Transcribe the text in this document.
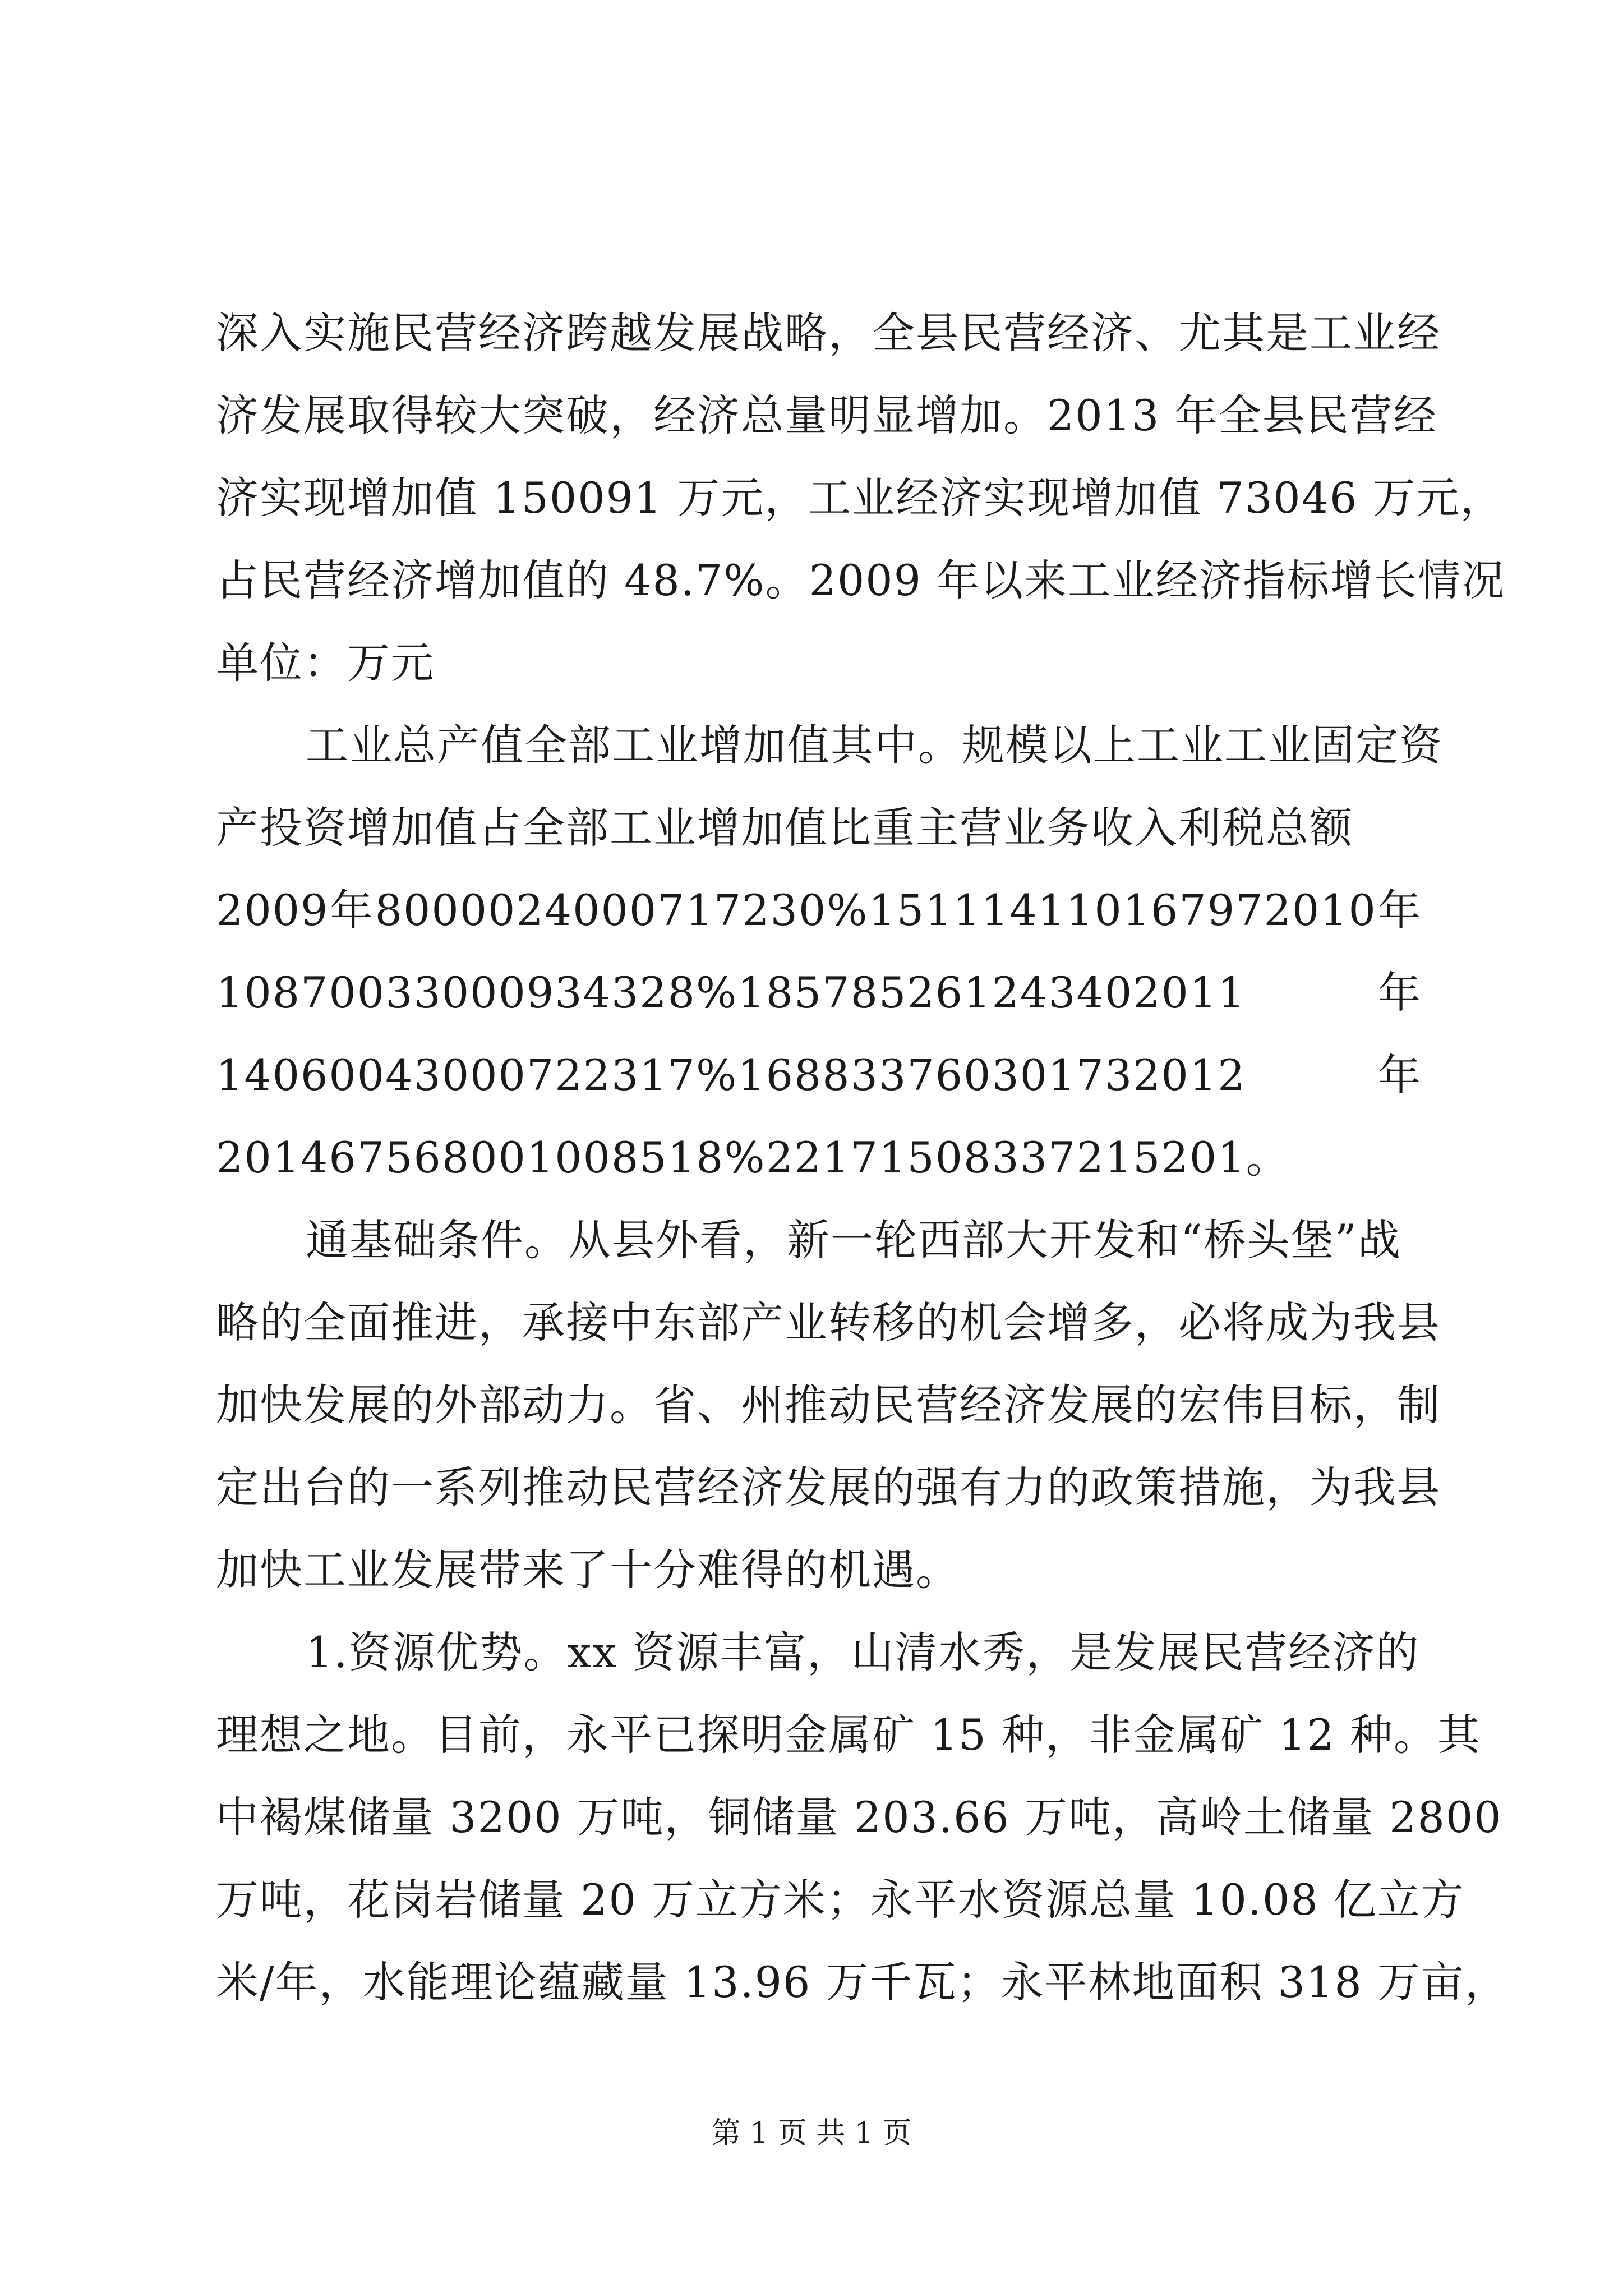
深入实施民营经济跨越发展战略，全县民营经济、尤其是工业经
济发展取得较大突破，经济总量明显增加。2013 年全县民营经
济实现增加值 150091 万元，工业经济实现增加值 73046 万元，
占民营经济增加值的 48.7%。2009 年以来工业经济指标增长情况
单位：万元
工业总产值全部工业增加值其中。规模以上工业工业固定资
产投资增加值占全部工业增加值比重主营业务收入利税总额
2009 年 8000024000717230%151114110167972010 年
10870033000934328%185785261243402011	年
14060043000722317%168833760301732012	年
201467568001008518%22171508337215201。
通基础条件。从县外看，新一轮西部大开发和“桥头堡”战
略的全面推进，承接中东部产业转移的机会增多，必将成为我县
加快发展的外部动力。省、州推动民营经济发展的宏伟目标，制
定出台的一系列推动民营经济发展的强有力的政策措施，为我县
加快工业发展带来了十分难得的机遇。
1.资源优势。xx 资源丰富，山清水秀，是发展民营经济的
理想之地。目前，永平已探明金属矿 15 种，非金属矿 12 种。其
中褐煤储量 3200 万吨，铜储量 203.66 万吨，高岭土储量 2800
万吨，花岗岩储量 20 万立方米；永平水资源总量 10.08 亿立方
米/年，水能理论蕴藏量 13.96 万千瓦；永平林地面积 318 万亩，
第 1 页 共 1 页
